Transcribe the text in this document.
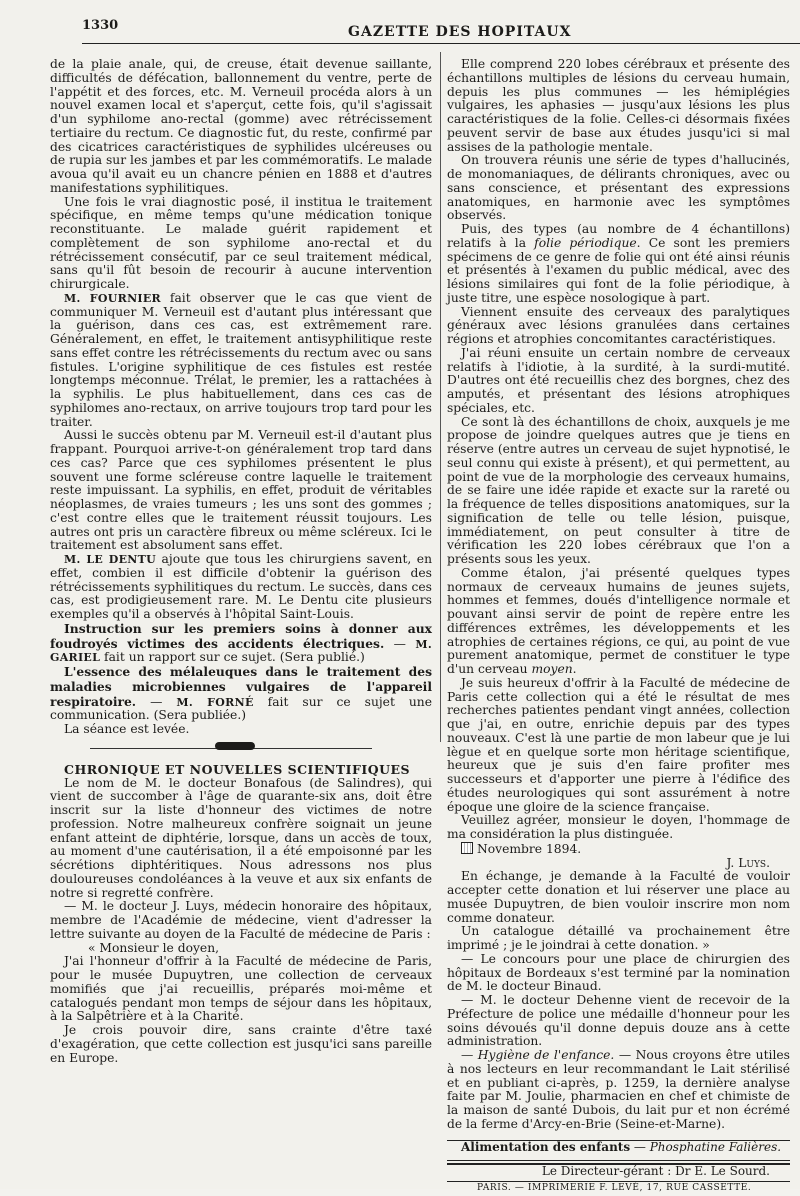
1330	GAZETTE DES HOPITAUX

de la plaie anale, qui, de creuse, était devenue saillante, difficultés de défécation, ballonnement du ventre, perte de l'appétit et des forces, etc. M. Verneuil procéda alors à un nouvel examen local et s'aperçut, cette fois, qu'il s'agissait d'un syphilome ano-rectal (gomme) avec rétrécissement tertiaire du rectum. Ce diagnostic fut, du reste, confirmé par des cicatrices caractéristiques de syphilides ulcéreuses ou de rupia sur les jambes et par les commémoratifs. Le malade avoua qu'il avait eu un chancre pénien en 1888 et d'autres manifestations syphilitiques.

Une fois le vrai diagnostic posé, il institua le traitement spécifique, en même temps qu'une médication tonique reconstituante. Le malade guérit rapidement et complètement de son syphilome ano-rectal et du rétrécissement consécutif, par ce seul traitement médical, sans qu'il fût besoin de recourir à aucune intervention chirurgicale.

M. FOURNIER fait observer que le cas que vient de communiquer M. Verneuil est d'autant plus intéressant que la guérison, dans ces cas, est extrêmement rare. Généralement, en effet, le traitement antisyphilitique reste sans effet contre les rétrécissements du rectum avec ou sans fistules. L'origine syphilitique de ces fistules est restée longtemps méconnue. Trélat, le premier, les a rattachées à la syphilis. Le plus habituellement, dans ces cas de syphilomes ano-rectaux, on arrive toujours trop tard pour les traiter.

Aussi le succès obtenu par M. Verneuil est-il d'autant plus frappant. Pourquoi arrive-t-on généralement trop tard dans ces cas? Parce que ces syphilomes présentent le plus souvent une forme scléreuse contre laquelle le traitement reste impuissant. La syphilis, en effet, produit de véritables néoplasmes, de vraies tumeurs ; les uns sont des gommes ; c'est contre elles que le traitement réussit toujours. Les autres ont pris un caractère fibreux ou même scléreux. Ici le traitement est absolument sans effet.

M. LE DENTU ajoute que tous les chirurgiens savent, en effet, combien il est difficile d'obtenir la guérison des rétrécissements syphilitiques du rectum. Le succès, dans ces cas, est prodigieusement rare. M. Le Dentu cite plusieurs exemples qu'il a observés à l'hôpital Saint-Louis.

Instruction sur les premiers soins à donner aux foudroyés victimes des accidents électriques. — M. GARIEL fait un rapport sur ce sujet. (Sera publié.)

L'essence des mélaleuques dans le traitement des maladies microbiennes vulgaires de l'appareil respiratoire. — M. FORNÉ fait sur ce sujet une communication. (Sera publiée.)

La séance est levée.

CHRONIQUE ET NOUVELLES SCIENTIFIQUES

Le nom de M. le docteur Bonafous (de Salindres), qui vient de succomber à l'âge de quarante-six ans, doit être inscrit sur la liste d'honneur des victimes de notre profession. Notre malheureux confrère soignait un jeune enfant atteint de diphtérie, lorsque, dans un accès de toux, au moment d'une cautérisation, il a été empoisonné par les sécrétions diphtéritiques. Nous adressons nos plus douloureuses condoléances à la veuve et aux six enfants de notre si regretté confrère.

— M. le docteur J. Luys, médecin honoraire des hôpitaux, membre de l'Académie de médecine, vient d'adresser la lettre suivante au doyen de la Faculté de médecine de Paris :

« Monsieur le doyen,

J'ai l'honneur d'offrir à la Faculté de médecine de Paris, pour le musée Dupuytren, une collection de cerveaux momifiés que j'ai recueillis, préparés moi-même et catalogués pendant mon temps de séjour dans les hôpitaux, à la Salpêtrière et à la Charité.

Je crois pouvoir dire, sans crainte d'être taxé d'exagération, que cette collection est jusqu'ici sans pareille en Europe.

Elle comprend 220 lobes cérébraux et présente des échantillons multiples de lésions du cerveau humain, depuis les plus communes — les hémiplégies vulgaires, les aphasies — jusqu'aux lésions les plus caractéristiques de la folie. Celles-ci désormais fixées peuvent servir de base aux études jusqu'ici si mal assises de la pathologie mentale.

On trouvera réunis une série de types d'hallucinés, de monomaniaques, de délirants chroniques, avec ou sans conscience, et présentant des expressions anatomiques, en harmonie avec les symptômes observés.

Puis, des types (au nombre de 4 échantillons) relatifs à la folie périodique. Ce sont les premiers spécimens de ce genre de folie qui ont été ainsi réunis et présentés à l'examen du public médical, avec des lésions similaires qui font de la folie périodique, à juste titre, une espèce nosologique à part.

Viennent ensuite des cerveaux des paralytiques généraux avec lésions granulées dans certaines régions et atrophies concomitantes caractéristiques.

J'ai réuni ensuite un certain nombre de cerveaux relatifs à l'idiotie, à la surdité, à la surdi-mutité. D'autres ont été recueillis chez des borgnes, chez des amputés, et présentant des lésions atrophiques spéciales, etc.

Ce sont là des échantillons de choix, auxquels je me propose de joindre quelques autres que je tiens en réserve (entre autres un cerveau de sujet hypnotisé, le seul connu qui existe à présent), et qui permettent, au point de vue de la morphologie des cerveaux humains, de se faire une idée rapide et exacte sur la rareté ou la fréquence de telles dispositions anatomiques, sur la signification de telle ou telle lésion, puisque, immédiatement, on peut consulter à titre de vérification les 220 lobes cérébraux que l'on a présents sous les yeux.

Comme étalon, j'ai présenté quelques types normaux de cerveaux humains de jeunes sujets, hommes et femmes, doués d'intelligence normale et pouvant ainsi servir de point de repère entre les différences extrêmes, les développements et les atrophies de certaines régions, ce qui, au point de vue purement anatomique, permet de constituer le type d'un cerveau moyen.

Je suis heureux d'offrir à la Faculté de médecine de Paris cette collection qui a été le résultat de mes recherches patientes pendant vingt années, collection que j'ai, en outre, enrichie depuis par des types nouveaux. C'est là une partie de mon labeur que je lui lègue et en quelque sorte mon héritage scientifique, heureux que je suis d'en faire profiter mes successeurs et d'apporter une pierre à l'édifice des études neurologiques qui sont assurément à notre époque une gloire de la science française.

Veuillez agréer, monsieur le doyen, l'hommage de ma considération la plus distinguée.

Novembre 1894.

J. Luys.

En échange, je demande à la Faculté de vouloir accepter cette donation et lui réserver une place au musée Dupuytren, de bien vouloir inscrire mon nom comme donateur.

Un catalogue détaillé va prochainement être imprimé ; je le joindrai à cette donation. »

— Le concours pour une place de chirurgien des hôpitaux de Bordeaux s'est terminé par la nomination de M. le docteur Binaud.

— M. le docteur Dehenne vient de recevoir de la Préfecture de police une médaille d'honneur pour les soins dévoués qu'il donne depuis douze ans à cette administration.

— Hygiène de l'enfance. — Nous croyons être utiles à nos lecteurs en leur recommandant le Lait stérilisé et en publiant ci-après, p. 1259, la dernière analyse faite par M. Joulie, pharmacien en chef et chimiste de la maison de santé Dubois, du lait pur et non écrémé de la ferme d'Arcy-en-Brie (Seine-et-Marne).

Alimentation des enfants — Phosphatine Falières.

Le Directeur-gérant : Dr E. Le Sourd.

PARIS. — IMPRIMERIE F. LEVÉ, 17, RUE CASSETTE.
